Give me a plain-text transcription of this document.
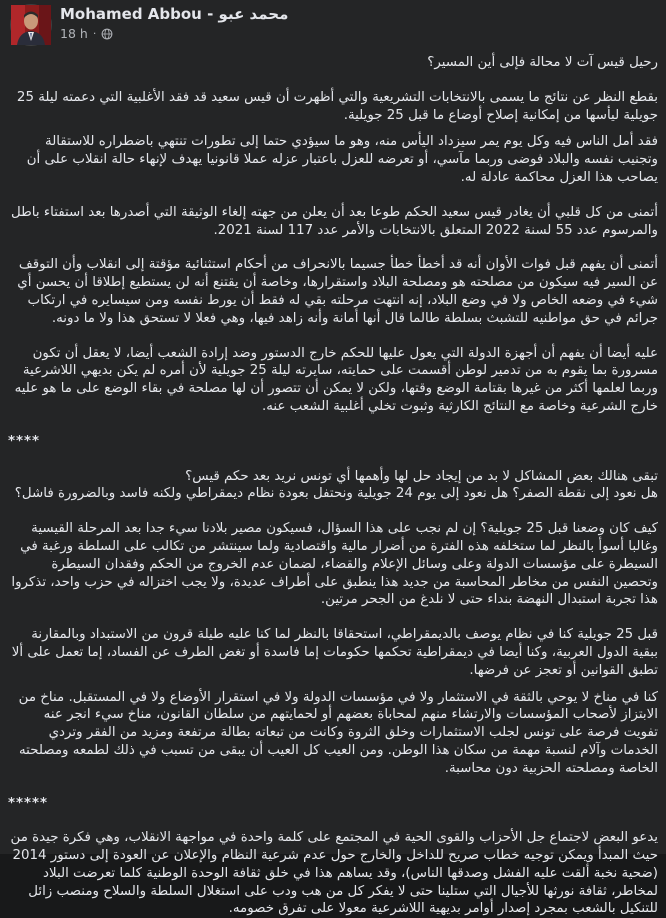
Mohamed Abbou - محمد عبو
18 h ·

رحيل قيس آت لا محالة فإلى أين المسير؟

بقطع النظر عن نتائج ما يسمى بالانتخابات التشريعية والتي أظهرت أن قيس سعيد قد فقد الأغلبية التي دعمته ليلة 25 جويلية ليأسها من إمكانية إصلاح أوضاع ما قبل 25 جويلية.

فقد أمل الناس فيه وكل يوم يمر سيزداد اليأس منه، وهو ما سيؤدي حتما إلى تطورات تنتهي باضطراره للاستقالة وتجنيب نفسه والبلاد فوضى وربما مآسي، أو تعرضه للعزل باعتبار عزله عملا قانونيا يهدف لإنهاء حالة انقلاب على أن يصاحب هذا العزل محاكمة عادلة له.

أتمنى من كل قلبي أن يغادر قيس سعيد الحكم طوعا بعد أن يعلن من جهته إلغاء الوثيقة التي أصدرها بعد استفتاء باطل والمرسوم عدد 55 لسنة 2022 المتعلق بالانتخابات والأمر عدد 117 لسنة 2021.

أتمنى أن يفهم قبل فوات الأوان أنه قد أخطأ خطأ جسيما بالانحراف من أحكام استثنائية مؤقتة إلى انقلاب وأن التوقف عن السير فيه سيكون من مصلحته هو ومصلحة البلاد واستقرارها، وخاصة أن يقتنع أنه لن يستطيع إطلاقا أن يحسن أي شيء في وضعه الخاص ولا في وضع البلاد، إنه انتهت مرحلته بقي له فقط أن يورط نفسه ومن سيسايره في ارتكاب جرائم في حق مواطنيه للتشبث بسلطة طالما قال أنها أمانة وأنه زاهد فيها، وهي فعلا لا تستحق هذا ولا ما دونه.

عليه أيضا أن يفهم أن أجهزة الدولة التي يعول عليها للحكم خارج الدستور وضد إرادة الشعب أيضا، لا يعقل أن تكون مسرورة بما يقوم به من تدمير لوطن أقسمت على حمايته، سايرته ليلة 25 جويلية لأن أمره لم يكن بديهي اللاشرعية وربما لعلمها أكثر من غيرها بقتامة الوضع وقتها، ولكن لا يمكن أن تتصور أن لها مصلحة في بقاء الوضع على ما هو عليه خارج الشرعية وخاصة مع النتائج الكارثية وثبوت تخلي أغلبية الشعب عنه.

****

تبقى هنالك بعض المشاكل لا بد من إيجاد حل لها وأهمها أي تونس نريد بعد حكم قيس؟
هل نعود إلى نقطة الصفر؟ هل نعود إلى يوم 24 جويلية ونحتفل بعودة نظام ديمقراطي ولكنه فاسد وبالضرورة فاشل؟

كيف كان وضعنا قبل 25 جويلية؟ إن لم نجب على هذا السؤال، فسيكون مصير بلادنا سيء جدا بعد المرحلة القيسية وغالبا أسوأ بالنظر لما ستخلفه هذه الفترة من أضرار مالية واقتصادية ولما سينتشر من تكالب على السلطة ورغبة في السيطرة على مؤسسات الدولة وعلى وسائل الإعلام والقضاء، لضمان عدم الخروج من الحكم وفقدان السيطرة وتحصين النفس من مخاطر المحاسبة من جديد هذا ينطبق على أطراف عديدة، ولا يجب اختزاله في حزب واحد، تذكروا هذا تجربة استبدال النهضة بنداء حتى لا نلدغ من الجحر مرتين.

قبل 25 جويلية كنا في نظام يوصف بالديمقراطي، استحقاقا بالنظر لما كنا عليه طيلة قرون من الاستبداد وبالمقارنة ببقية الدول العربية، وكنا أيضا في ديمقراطية تحكمها حكومات إما فاسدة أو تغض الطرف عن الفساد، إما تعمل على ألا تطبق القوانين أو تعجز عن فرضها.

كنا في مناخ لا يوحي بالثقة في الاستثمار ولا في مؤسسات الدولة ولا في استقرار الأوضاع ولا في المستقبل. مناخ من الابتزاز لأصحاب المؤسسات والارتشاء منهم لمحاباة بعضهم أو لحمايتهم من سلطان القانون، مناخ سيء انجر عنه تفويت فرصة على تونس لجلب الاستثمارات وخلق الثروة وكانت من تبعاته بطالة مرتفعة ومزيد من الفقر وتردي الخدمات وآلام لنسبة مهمة من سكان هذا الوطن. ومن العيب كل العيب أن يبقى من تسبب في ذلك لطمعه ومصلحته الخاصة ومصلحته الحزبية دون محاسبة.

*****

يدعو البعض لاجتماع جل الأحزاب والقوى الحية في المجتمع على كلمة واحدة في مواجهة الانقلاب، وهي فكرة جيدة من حيث المبدأ ويمكن توجيه خطاب صريح للداخل والخارج حول عدم شرعية النظام والإعلان عن العودة إلى دستور 2014 (ضحية نخبة ألقت عليه الفشل وصدقها الناس)، وقد يساهم هذا في خلق ثقافة الوحدة الوطنية كلما تعرضت البلاد لمخاطر، ثقافة نورثها للأجيال التي ستلينا حتى لا يفكر كل من هب ودب على استغلال السلطة والسلاح ومنصب زائل للتنكيل بالشعب بمجرد إصدار أوامر بديهية اللاشرعية معولا على تفرق خصومه.
